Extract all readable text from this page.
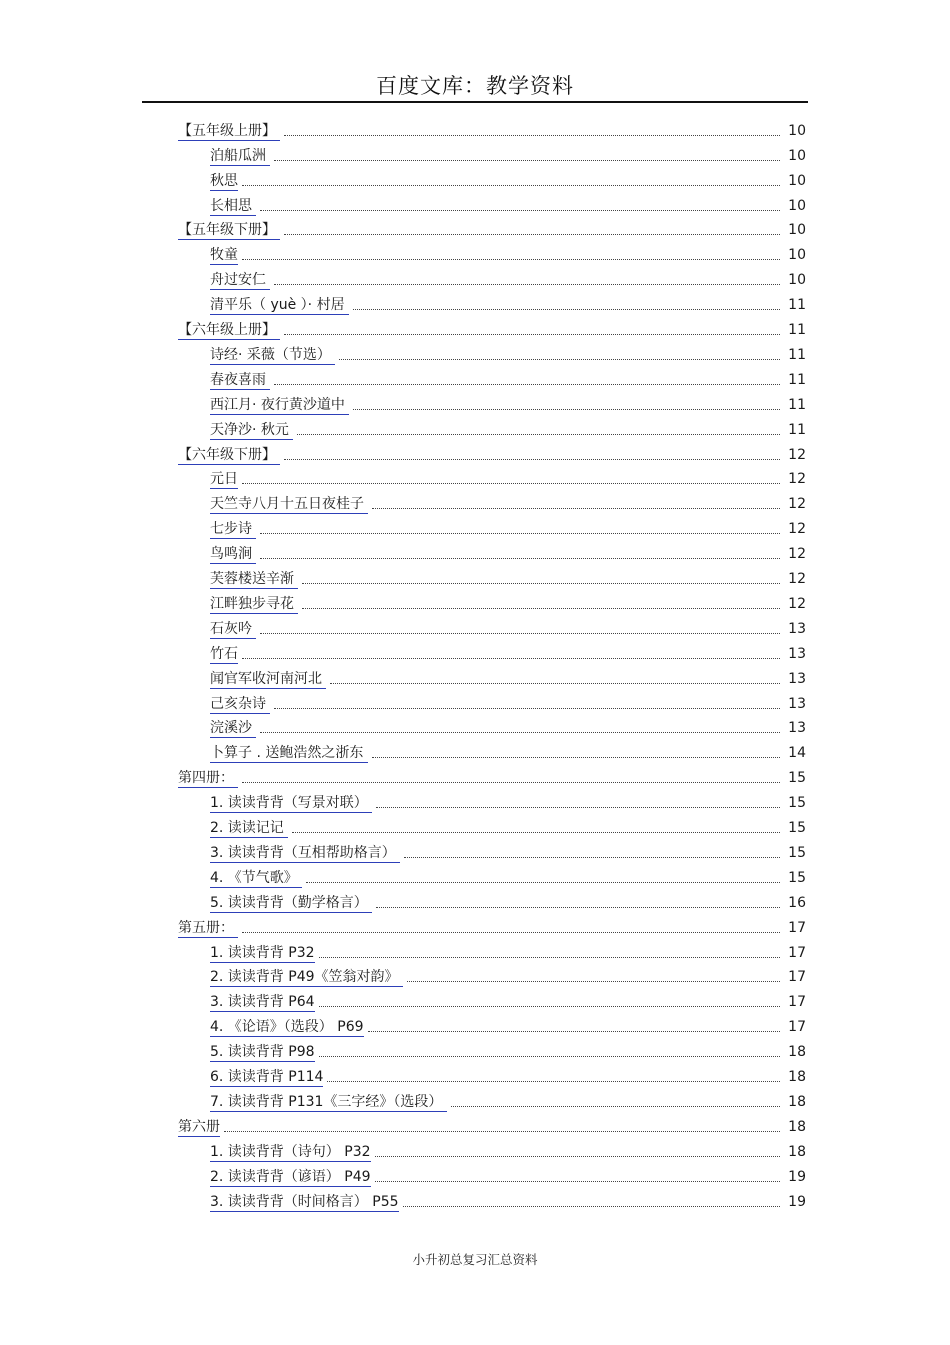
百度文库：教学资料
【五年级上册】	10
泊船瓜洲	10
秋思	10
长相思	10
【五年级下册】	10
牧童	10
舟过安仁	10
清平乐（ yuè ）· 村居	11
【六年级上册】	11
诗经· 采薇（节选）	11
春夜喜雨	11
西江月· 夜行黄沙道中	11
天净沙· 秋元	11
【六年级下册】	12
元日	12
天竺寺八月十五日夜桂子	12
七步诗	12
鸟鸣涧	12
芙蓉楼送辛渐	12
江畔独步寻花	12
石灰吟	13
竹石	13
闻官军收河南河北	13
己亥杂诗	13
浣溪沙	13
卜算子 . 送鲍浩然之浙东	14
第四册：	15
1. 读读背背（写景对联）	15
2. 读读记记	15
3. 读读背背（互相帮助格言）	15
4. 《节气歌》	15
5. 读读背背（勤学格言）	16
第五册：	17
1. 读读背背 P32	17
2. 读读背背 P49《笠翁对韵》	17
3. 读读背背 P64	17
4. 《论语》（选段） P69	17
5. 读读背背 P98	18
6. 读读背背 P114	18
7. 读读背背 P131《三字经》（选段）	18
第六册	18
1. 读读背背（诗句） P32	18
2. 读读背背（谚语） P49	19
3. 读读背背（时间格言） P55	19
小升初总复习汇总资料
